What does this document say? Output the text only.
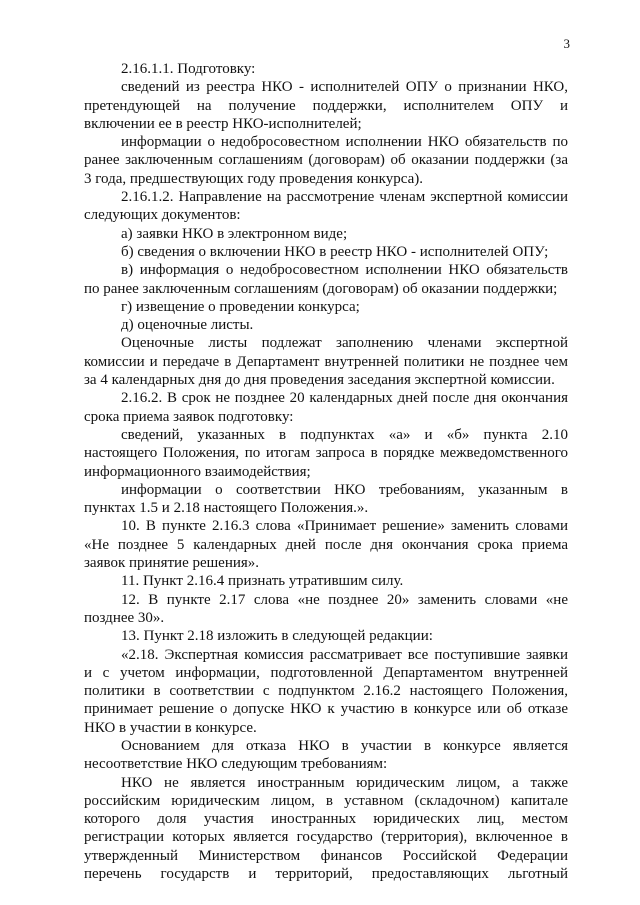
3
2.16.1.1. Подготовку:
сведений из реестра НКО - исполнителей ОПУ о признании НКО,
претендующей на получение поддержки, исполнителем ОПУ и
включении ее в реестр НКО-исполнителей;
информации о недобросовестном исполнении НКО обязательств по
ранее заключенным соглашениям (договорам) об оказании поддержки (за
3 года, предшествующих году проведения конкурса).
2.16.1.2. Направление на рассмотрение членам экспертной комиссии
следующих документов:
а) заявки НКО в электронном виде;
б) сведения о включении НКО в реестр НКО - исполнителей ОПУ;
в) информация о недобросовестном исполнении НКО обязательств
по ранее заключенным соглашениям (договорам) об оказании поддержки;
г) извещение о проведении конкурса;
д) оценочные листы.
Оценочные листы подлежат заполнению членами экспертной
комиссии и передаче в Департамент внутренней политики не позднее чем
за 4 календарных дня до дня проведения заседания экспертной комиссии.
2.16.2. В срок не позднее 20 календарных дней после дня окончания
срока приема заявок подготовку:
сведений, указанных в подпунктах «а» и «б» пункта 2.10
настоящего Положения, по итогам запроса в порядке межведомственного
информационного взаимодействия;
информации о соответствии НКО требованиям, указанным в
пунктах 1.5 и 2.18 настоящего Положения.».
10. В пункте 2.16.3 слова «Принимает решение» заменить словами
«Не позднее 5 календарных дней после дня окончания срока приема
заявок принятие решения».
11. Пункт 2.16.4 признать утратившим силу.
12. В пункте 2.17 слова «не позднее 20» заменить словами «не
позднее 30».
13. Пункт 2.18 изложить в следующей редакции:
«2.18. Экспертная комиссия рассматривает все поступившие заявки
и с учетом информации, подготовленной Департаментом внутренней
политики в соответствии с подпунктом 2.16.2 настоящего Положения,
принимает решение о допуске НКО к участию в конкурсе или об отказе
НКО в участии в конкурсе.
Основанием для отказа НКО в участии в конкурсе является
несоответствие НКО следующим требованиям:
НКО не является иностранным юридическим лицом, а также
российским юридическим лицом, в уставном (складочном) капитале
которого доля участия иностранных юридических лиц, местом
регистрации которых является государство (территория), включенное в
утвержденный Министерством финансов Российской Федерации
перечень государств и территорий, предоставляющих льготный
